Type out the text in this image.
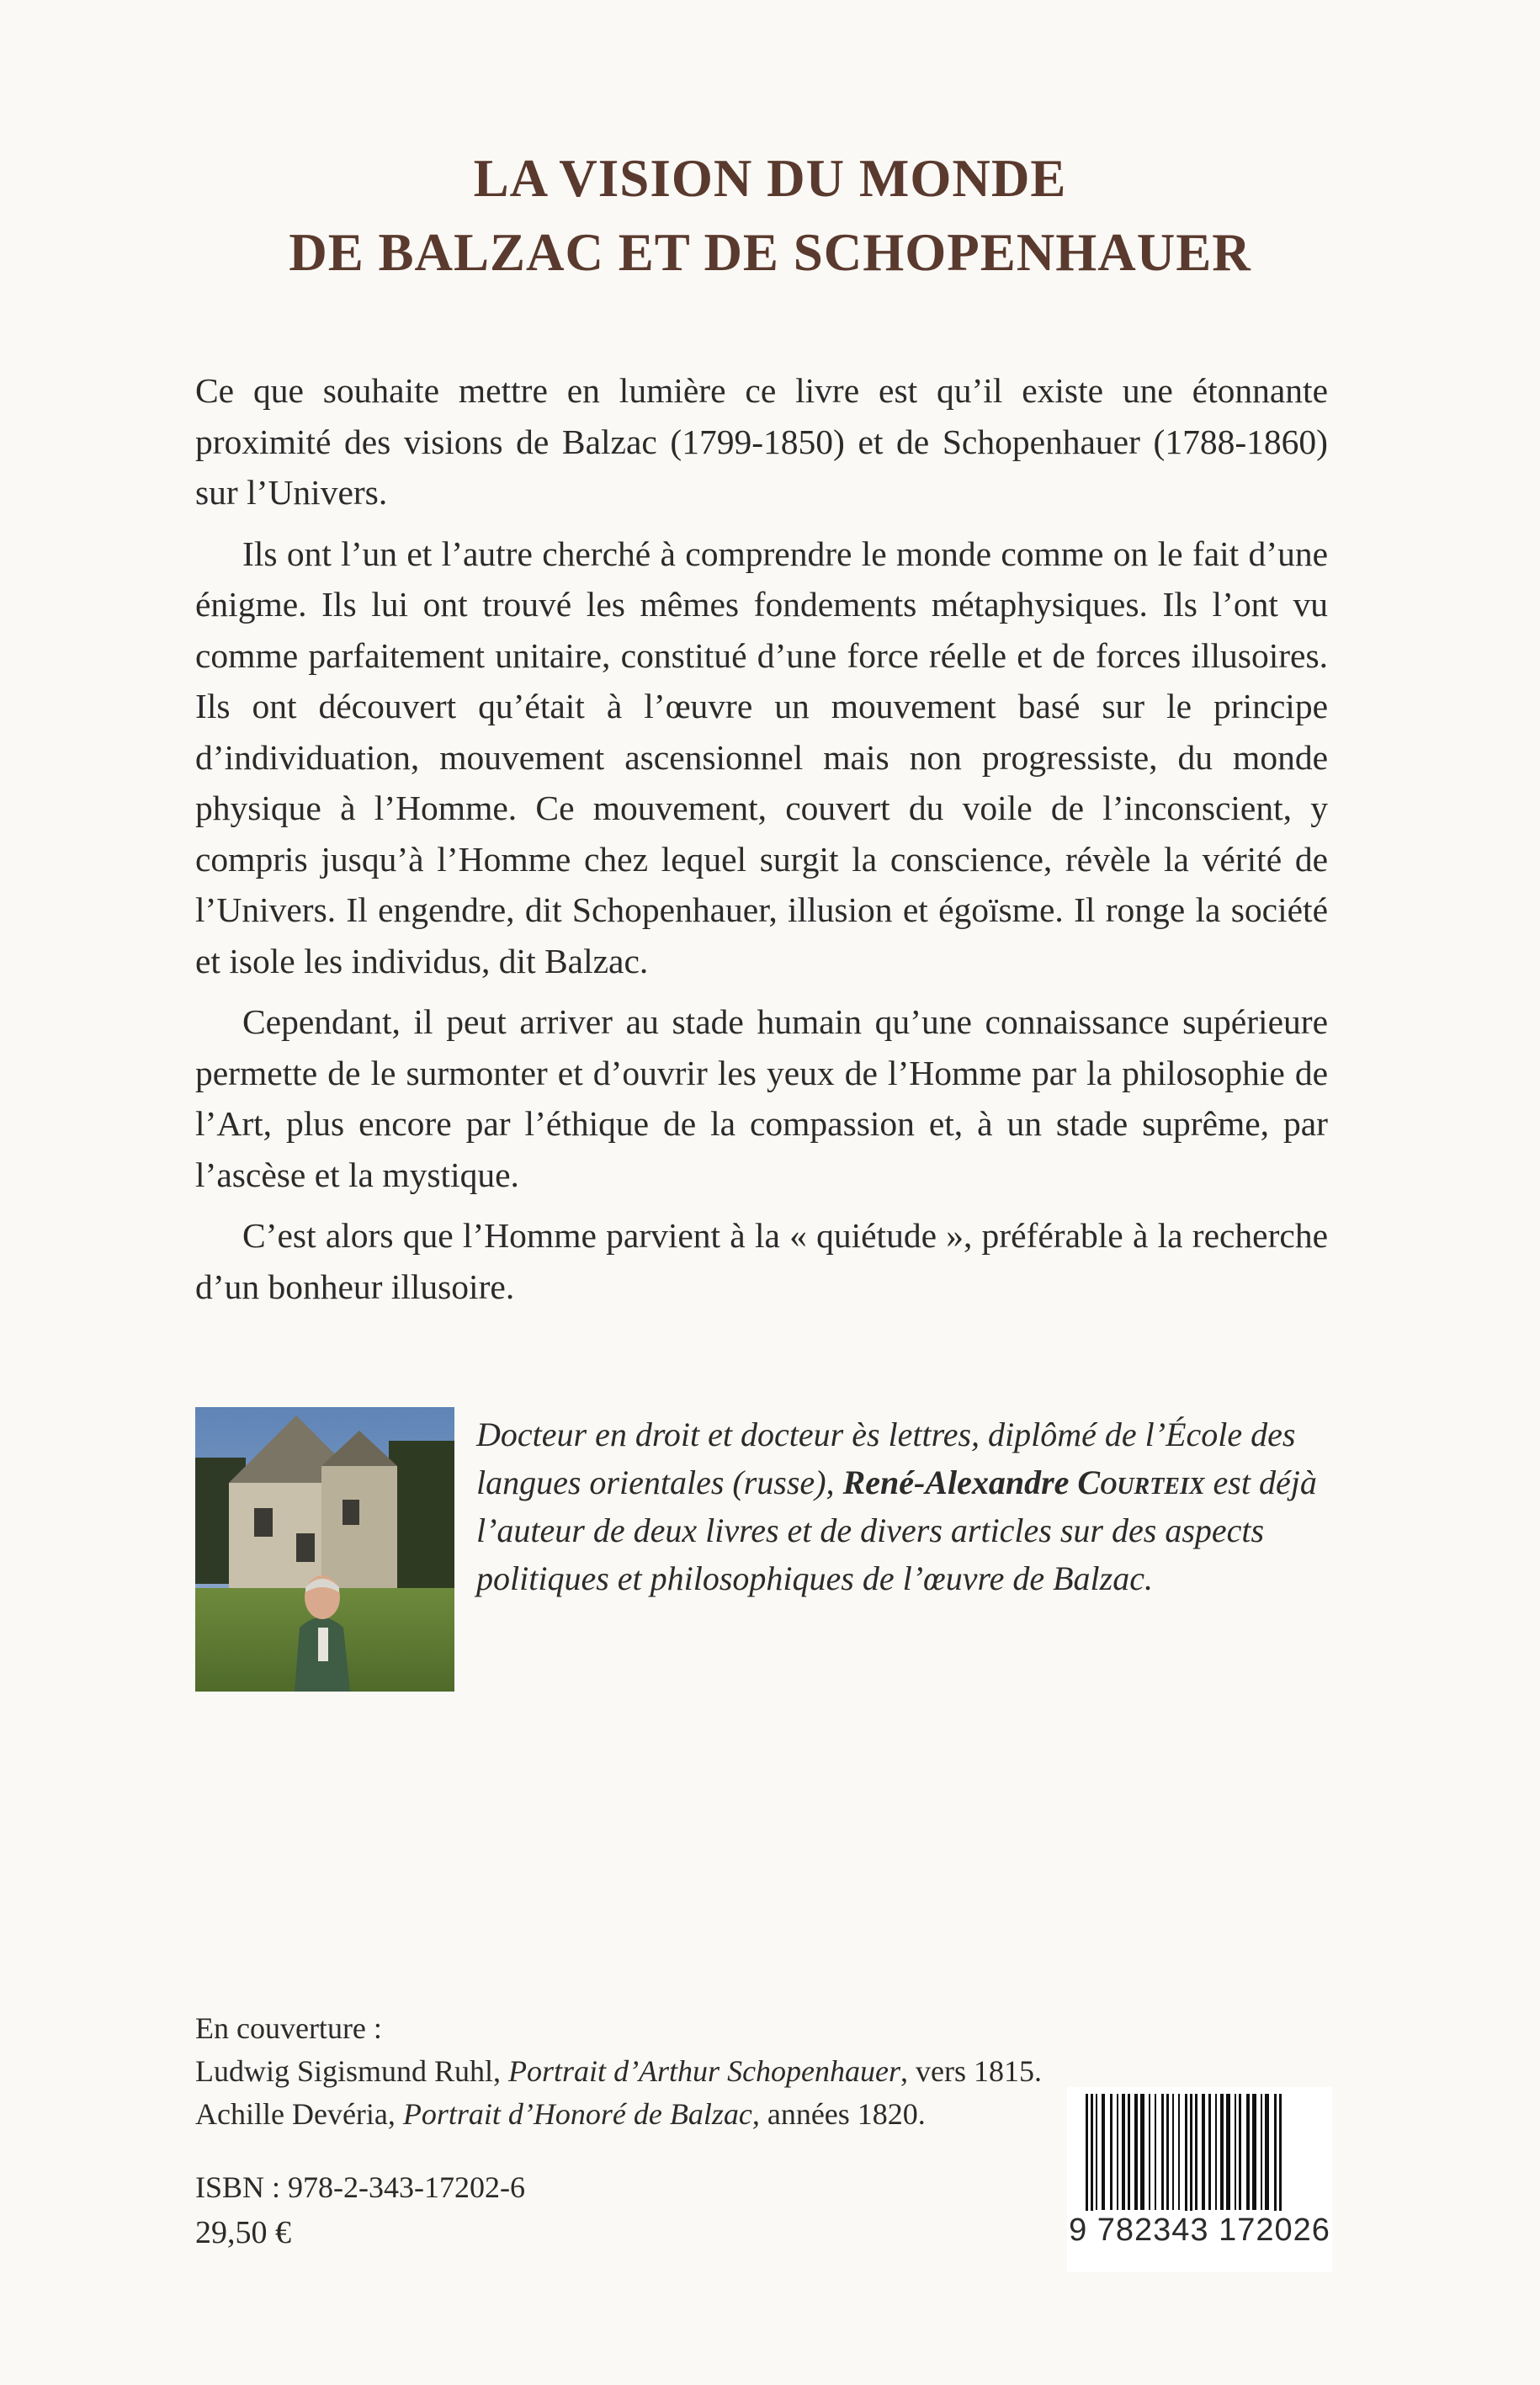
LA VISION DU MONDE
DE BALZAC ET DE SCHOPENHAUER

Ce que souhaite mettre en lumière ce livre est qu’il existe une étonnante proximité des visions de Balzac (1799-1850) et de Schopenhauer (1788-1860) sur l’Univers.

Ils ont l’un et l’autre cherché à comprendre le monde comme on le fait d’une énigme. Ils lui ont trouvé les mêmes fondements métaphysiques. Ils l’ont vu comme parfaitement unitaire, constitué d’une force réelle et de forces illusoires. Ils ont découvert qu’était à l’œuvre un mouvement basé sur le principe d’individuation, mouvement ascensionnel mais non progressiste, du monde physique à l’Homme. Ce mouvement, couvert du voile de l’inconscient, y compris jusqu’à l’Homme chez lequel surgit la conscience, révèle la vérité de l’Univers. Il engendre, dit Schopenhauer, illusion et égoïsme. Il ronge la société et isole les individus, dit Balzac.

Cependant, il peut arriver au stade humain qu’une connaissance supérieure permette de le surmonter et d’ouvrir les yeux de l’Homme par la philosophie de l’Art, plus encore par l’éthique de la compassion et, à un stade suprême, par l’ascèse et la mystique.

C’est alors que l’Homme parvient à la « quiétude », préférable à la recherche d’un bonheur illusoire.

Docteur en droit et docteur ès lettres, diplômé de l’École des langues orientales (russe), René-Alexandre Courteix est déjà l’auteur de deux livres et de divers articles sur des aspects politiques et philosophiques de l’œuvre de Balzac.
En couverture :
Ludwig Sigismund Ruhl, Portrait d’Arthur Schopenhauer, vers 1815.
Achille Devéria, Portrait d’Honoré de Balzac, années 1820.
ISBN : 978-2-343-17202-6
29,50 €	9 782343 172026
